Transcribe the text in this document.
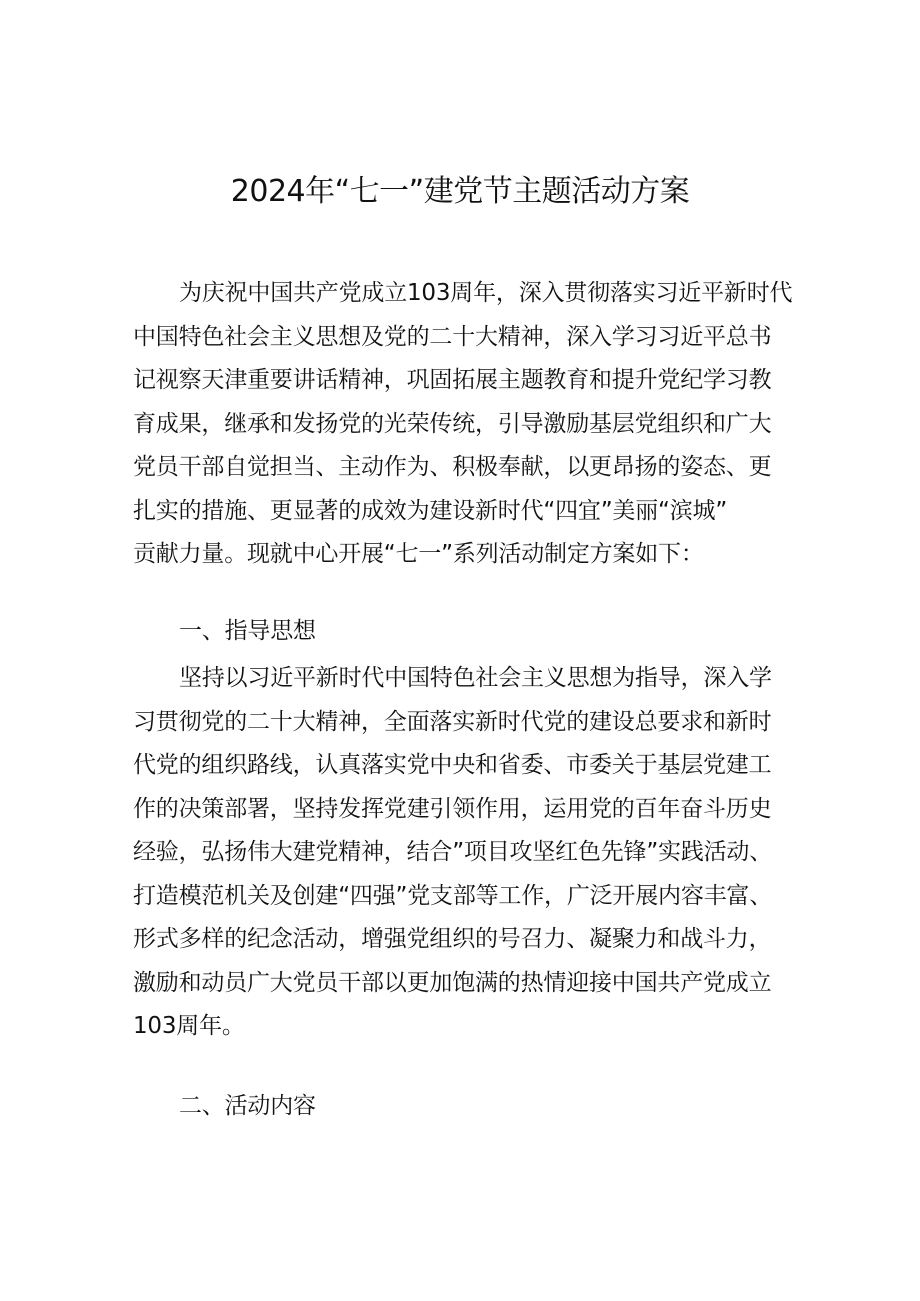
2024年“七一”建党节主题活动方案
为庆祝中国共产党成立103周年，深入贯彻落实习近平新时代
中国特色社会主义思想及党的二十大精神，深入学习习近平总书
记视察天津重要讲话精神，巩固拓展主题教育和提升党纪学习教
育成果，继承和发扬党的光荣传统，引导激励基层党组织和广大
党员干部自觉担当、主动作为、积极奉献，以更昂扬的姿态、更
扎实的措施、更显著的成效为建设新时代“四宜”美丽“滨城”
贡献力量。现就中心开展“七一”系列活动制定方案如下：
一、指导思想
坚持以习近平新时代中国特色社会主义思想为指导，深入学
习贯彻党的二十大精神，全面落实新时代党的建设总要求和新时
代党的组织路线，认真落实党中央和省委、市委关于基层党建工
作的决策部署，坚持发挥党建引领作用，运用党的百年奋斗历史
经验，弘扬伟大建党精神，结合”项目攻坚红色先锋”实践活动、
打造模范机关及创建“四强”党支部等工作，广泛开展内容丰富、
形式多样的纪念活动，增强党组织的号召力、凝聚力和战斗力，
激励和动员广大党员干部以更加饱满的热情迎接中国共产党成立
103周年。
二、活动内容
